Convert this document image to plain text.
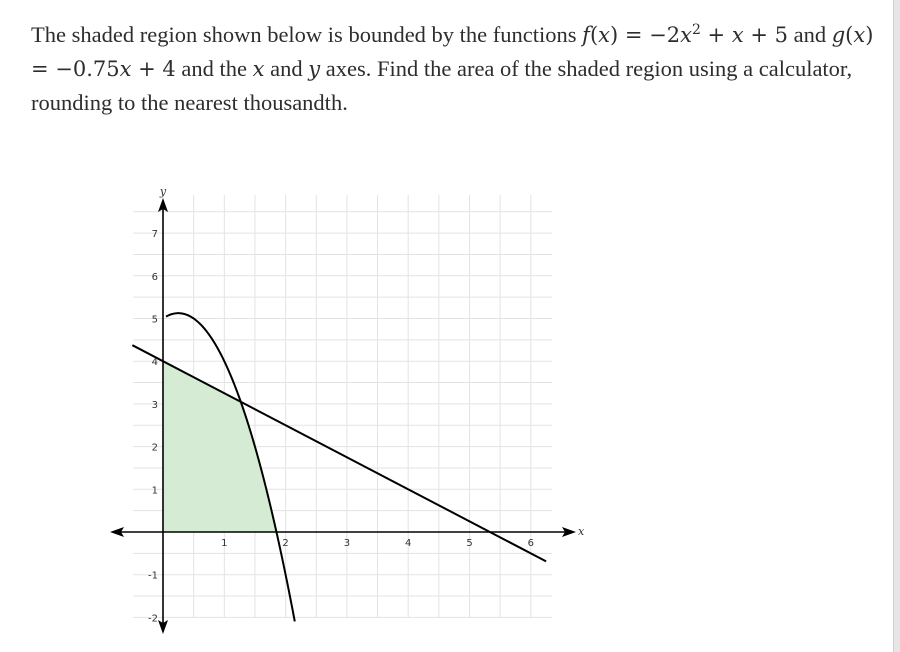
The shaded region shown below is bounded by the functions $f(x) = -2x^2 + x + 5$ and g(x) = −0.75x + 4 and the x and y axes. Find the area of the shaded region using a calculator, rounding to the nearest thousandth.

1	2	3	4	5	6
-2
-1
1
2
3
4
5
6
7
x
y
